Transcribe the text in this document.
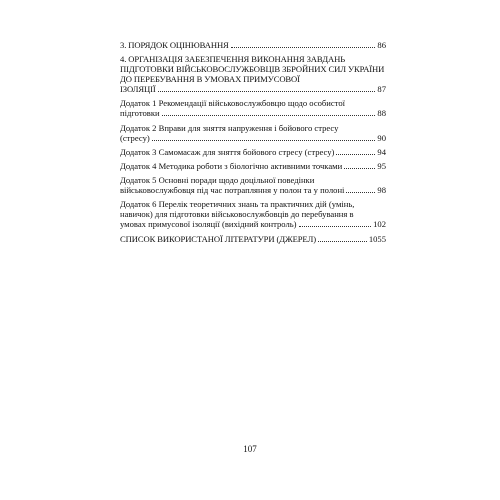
3. ПОРЯДОК ОЦІНЮВАННЯ	86
4. ОРГАНІЗАЦІЯ ЗАБЕЗПЕЧЕННЯ ВИКОНАННЯ ЗАВДАНЬ ПІДГОТОВКИ ВІЙСЬКОВОСЛУЖБОВЦІВ ЗБРОЙНИХ СИЛ УКРАЇНИ ДО ПЕРЕБУВАННЯ В УМОВАХ ПРИМУСОВОЇ
ІЗОЛЯЦІЇ	87
Додаток 1 Рекомендації військовослужбовцю щодо особистої
підготовки	88
Додаток 2 Вправи для зняття напруження і бойового стресу
(стресу)	90
Додаток 3 Самомасаж для зняття бойового стресу (стресу)	94
Додаток 4 Методика роботи з біологічно активними точками	95
Додаток 5 Основні поради щодо доцільної поведінки
військовослужбовця під час потрапляння у полон та у полоні	98
Додаток 6 Перелік теоретичних знань та практичних дій (умінь, навичок) для підготовки військовослужбовців до перебування в
умовах примусової ізоляції (вихідний контроль)	102
СПИСОК ВИКОРИСТАНОЇ ЛІТЕРАТУРИ (ДЖЕРЕЛ)	1055
107
